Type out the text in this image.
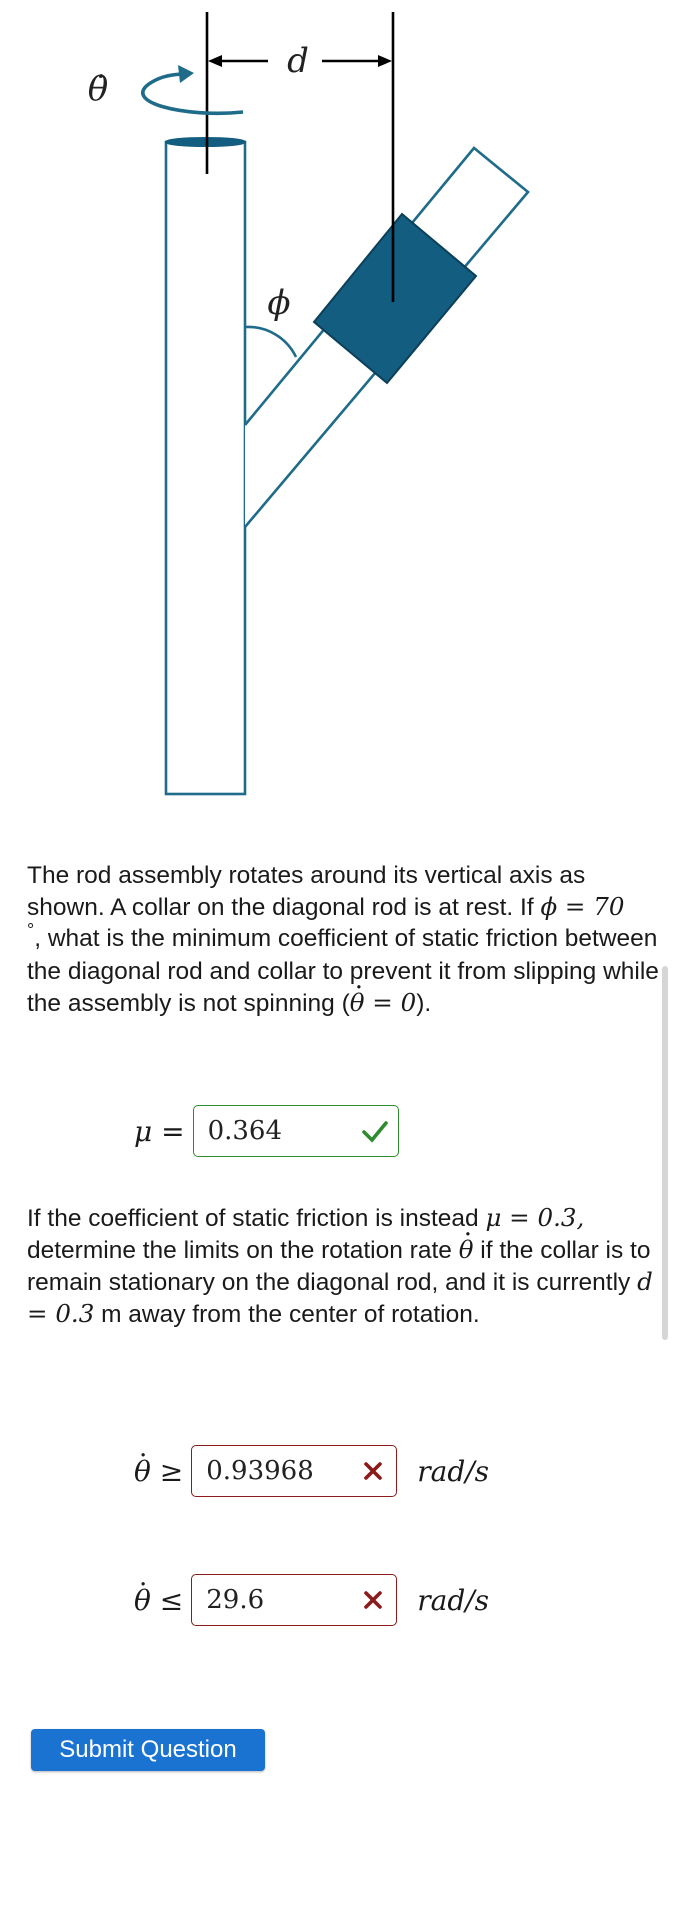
d
θ̇
ϕ
The rod assembly rotates around its vertical axis as shown. A collar on the diagonal rod is at rest. If ϕ = 70
°, what is the minimum coefficient of static friction between the diagonal rod and collar to prevent it from slipping while the assembly is not spinning (. θ = 0).
μ = 0.364
If the coefficient of static friction is instead μ = 0.3, determine the limits on the rotation rate . θ if the collar is to remain stationary on the diagonal rod, and it is currently d = 0.3 m away from the center of rotation.
. θ ≥ 0.93968	rad/s
. θ ≤ 29.6	rad/s
Submit Question
